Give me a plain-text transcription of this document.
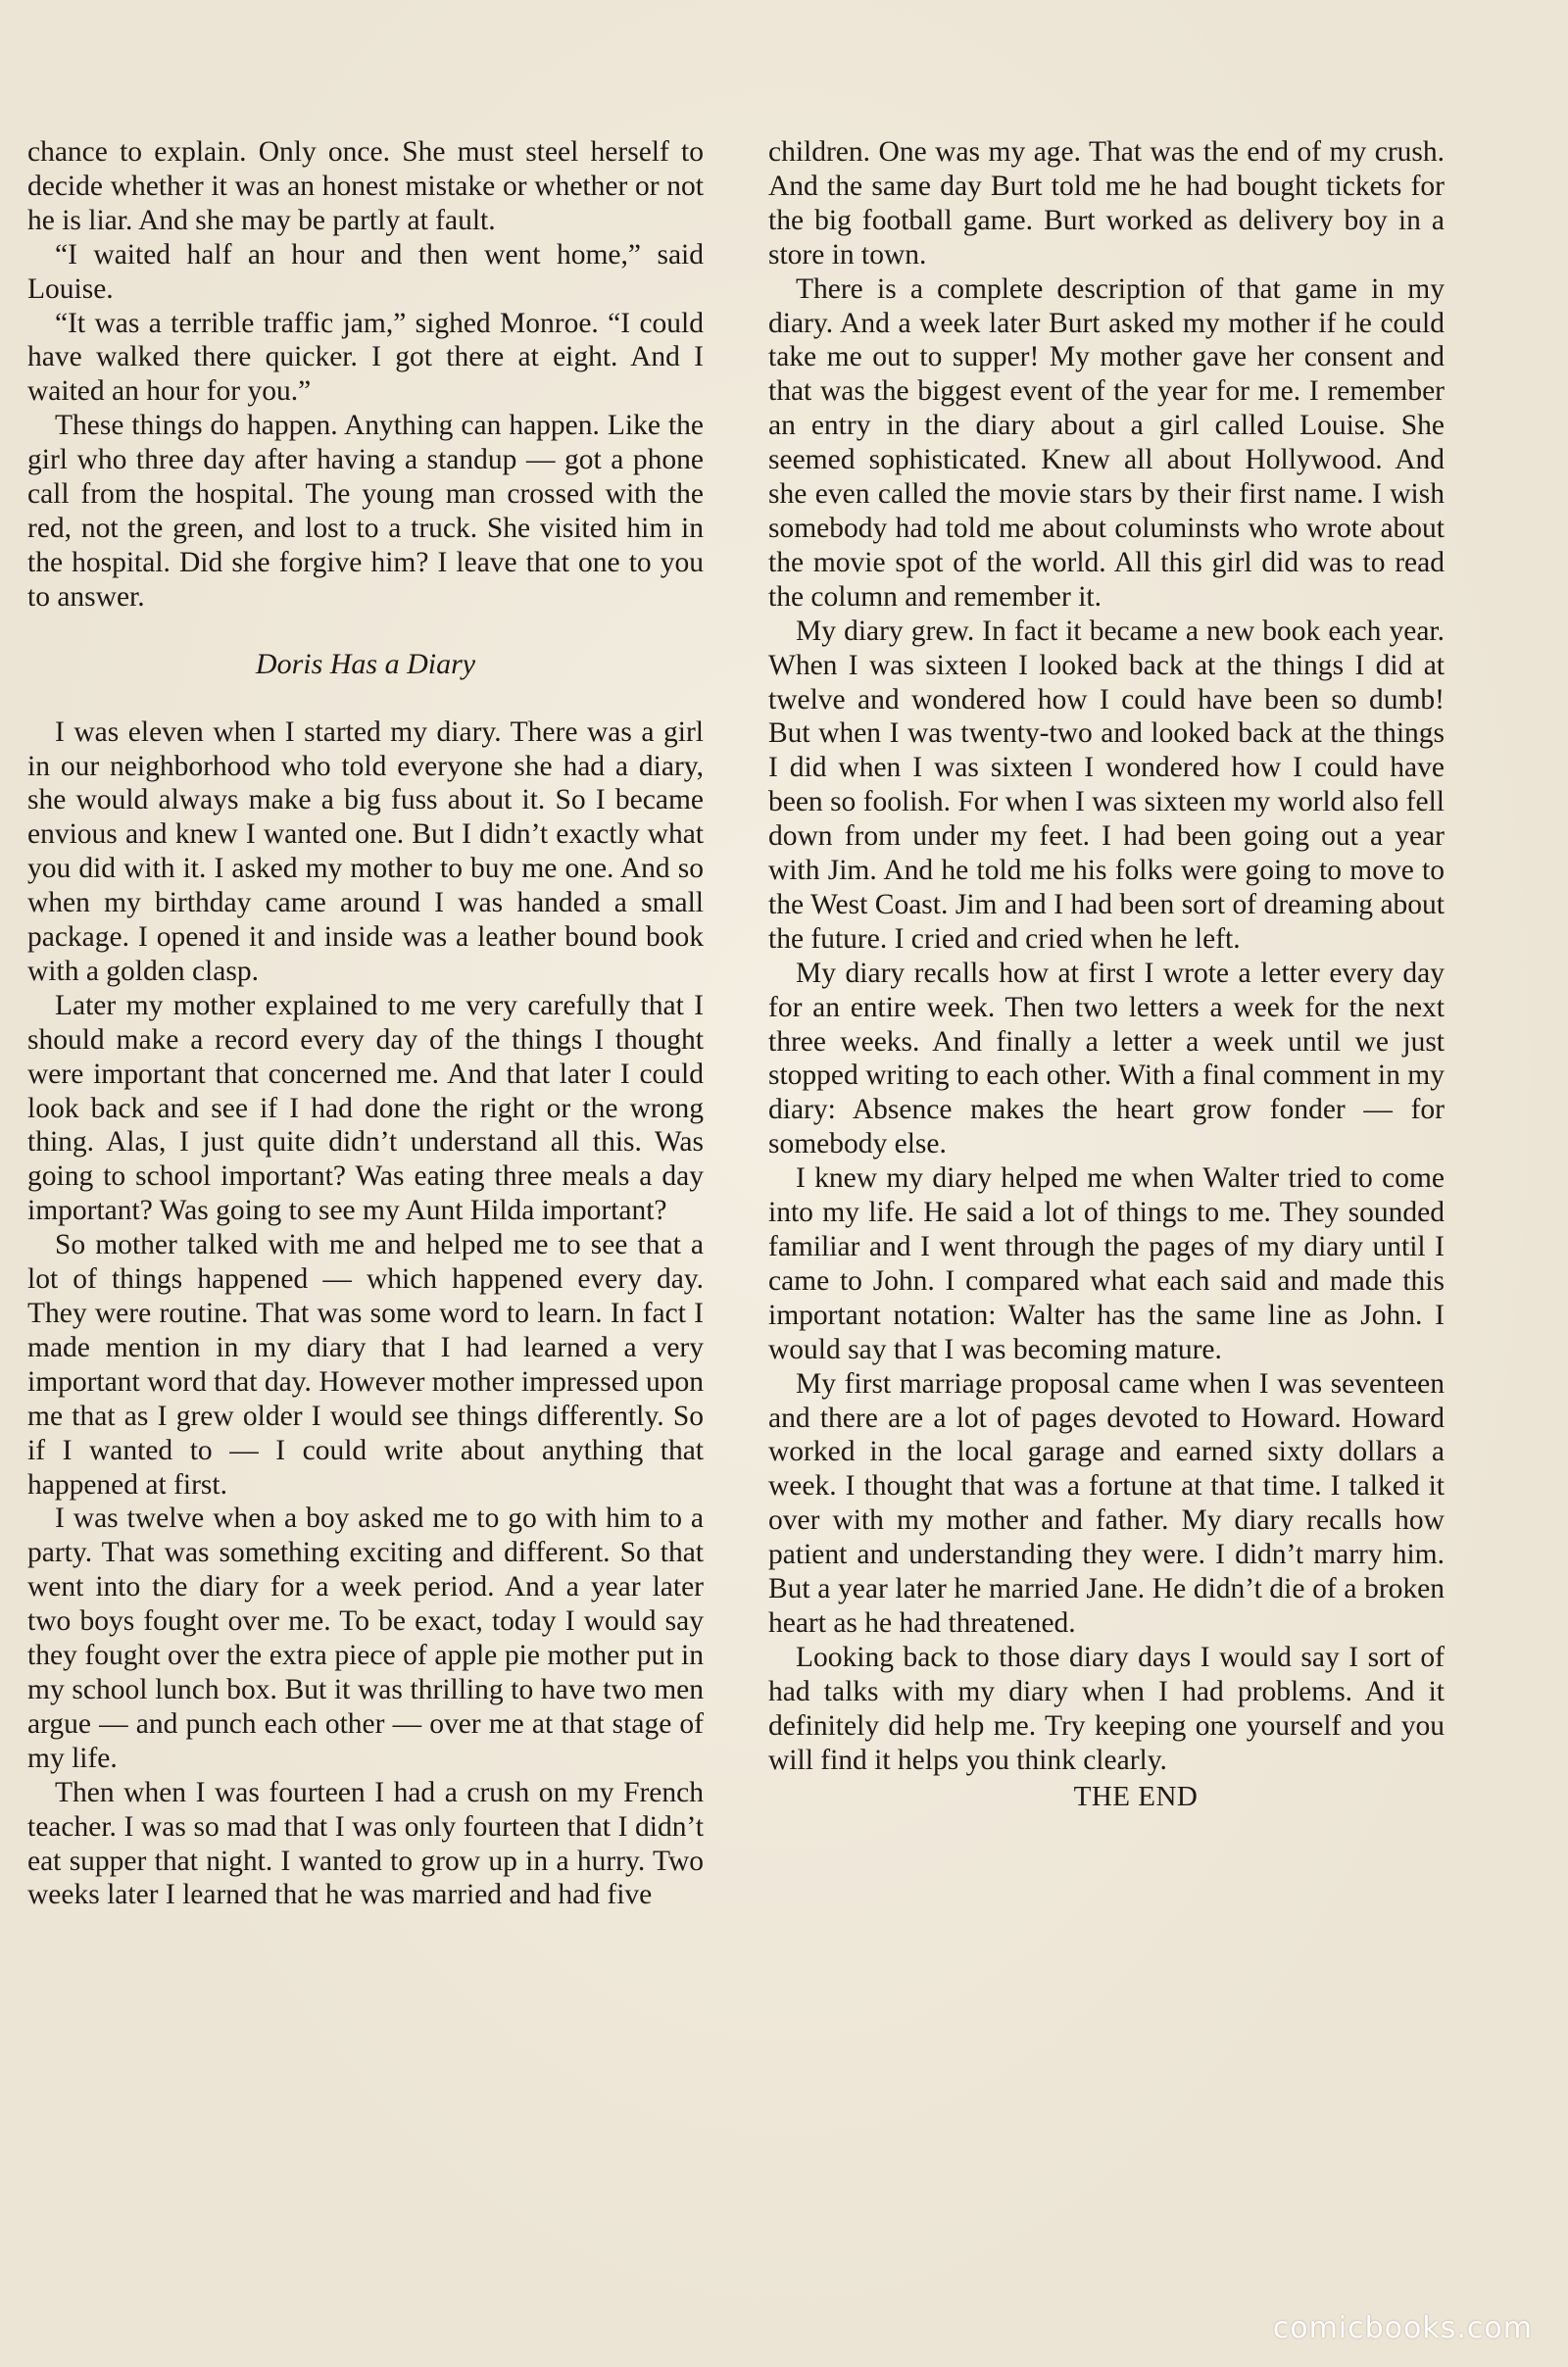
chance to explain. Only once. She must steel herself to decide whether it was an honest mistake or whether or not he is liar. And she may be partly at fault.

“I waited half an hour and then went home,” said Louise.

“It was a terrible traffic jam,” sighed Monroe. “I could have walked there quicker. I got there at eight. And I waited an hour for you.”

These things do happen. Anything can happen. Like the girl who three day after having a standup — got a phone call from the hospital. The young man crossed with the red, not the green, and lost to a truck. She visited him in the hospital. Did she forgive him? I leave that one to you to answer.

Doris Has a Diary

I was eleven when I started my diary. There was a girl in our neighborhood who told everyone she had a diary, she would always make a big fuss about it. So I became envious and knew I wanted one. But I didn’t exactly what you did with it. I asked my mother to buy me one. And so when my birthday came around I was handed a small package. I opened it and inside was a leather bound book with a golden clasp.

Later my mother explained to me very carefully that I should make a record every day of the things I thought were important that concerned me. And that later I could look back and see if I had done the right or the wrong thing. Alas, I just quite didn’t understand all this. Was going to school important? Was eating three meals a day important? Was going to see my Aunt Hilda important?

So mother talked with me and helped me to see that a lot of things happened — which happened every day. They were routine. That was some word to learn. In fact I made mention in my diary that I had learned a very important word that day. However mother impressed upon me that as I grew older I would see things differently. So if I wanted to — I could write about anything that happened at first.

I was twelve when a boy asked me to go with him to a party. That was something exciting and different. So that went into the diary for a week period. And a year later two boys fought over me. To be exact, today I would say they fought over the extra piece of apple pie mother put in my school lunch box. But it was thrilling to have two men argue — and punch each other — over me at that stage of my life.

Then when I was fourteen I had a crush on my French teacher. I was so mad that I was only fourteen that I didn’t eat supper that night. I wanted to grow up in a hurry. Two weeks later I learned that he was married and had five

children. One was my age. That was the end of my crush. And the same day Burt told me he had bought tickets for the big football game. Burt worked as delivery boy in a store in town.

There is a complete description of that game in my diary. And a week later Burt asked my mother if he could take me out to supper! My mother gave her consent and that was the biggest event of the year for me. I remember an entry in the diary about a girl called Louise. She seemed sophisticated. Knew all about Hollywood. And she even called the movie stars by their first name. I wish somebody had told me about columinsts who wrote about the movie spot of the world. All this girl did was to read the column and remember it.

My diary grew. In fact it became a new book each year. When I was sixteen I looked back at the things I did at twelve and wondered how I could have been so dumb! But when I was twenty-two and looked back at the things I did when I was sixteen I wondered how I could have been so foolish. For when I was sixteen my world also fell down from under my feet. I had been going out a year with Jim. And he told me his folks were going to move to the West Coast. Jim and I had been sort of dreaming about the future. I cried and cried when he left.

My diary recalls how at first I wrote a letter every day for an entire week. Then two letters a week for the next three weeks. And finally a letter a week until we just stopped writing to each other. With a final comment in my diary: Absence makes the heart grow fonder — for somebody else.

I knew my diary helped me when Walter tried to come into my life. He said a lot of things to me. They sounded familiar and I went through the pages of my diary until I came to John. I compared what each said and made this important notation: Walter has the same line as John. I would say that I was becoming mature.

My first marriage proposal came when I was seventeen and there are a lot of pages devoted to Howard. Howard worked in the local garage and earned sixty dollars a week. I thought that was a fortune at that time. I talked it over with my mother and father. My diary recalls how patient and understanding they were. I didn’t marry him. But a year later he married Jane. He didn’t die of a broken heart as he had threatened.

Looking back to those diary days I would say I sort of had talks with my diary when I had problems. And it definitely did help me. Try keeping one yourself and you will find it helps you think clearly.

THE END

comicbooks.com
